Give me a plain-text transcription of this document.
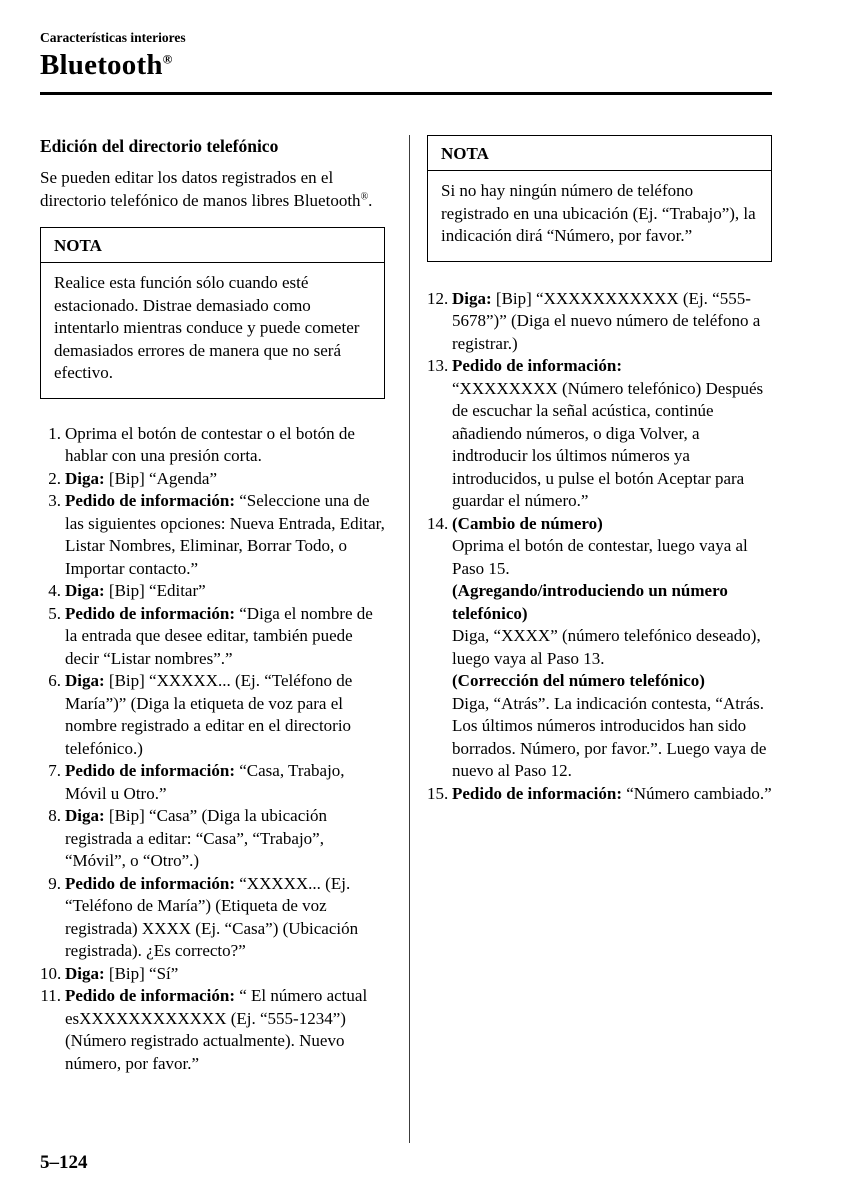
Características interiores
Bluetooth®
Edición del directorio telefónico

Se pueden editar los datos registrados en el directorio telefónico de manos libres Bluetooth®.

NOTA
Realice esta función sólo cuando esté estacionado. Distrae demasiado como intentarlo mientras conduce y puede cometer demasiados errores de manera que no será efectivo.
1. Oprima el botón de contestar o el botón de hablar con una presión corta.
2. Diga: [Bip] “Agenda”
3. Pedido de información: “Seleccione una de las siguientes opciones: Nueva Entrada, Editar, Listar Nombres, Eliminar, Borrar Todo, o Importar contacto.”
4. Diga: [Bip] “Editar”
5. Pedido de información: “Diga el nombre de la entrada que desee editar, también puede decir “Listar nombres”.”
6. Diga: [Bip] “XXXXX... (Ej. “Teléfono de María”)” (Diga la etiqueta de voz para el nombre registrado a editar en el directorio telefónico.)
7. Pedido de información: “Casa, Trabajo, Móvil u Otro.”
8. Diga: [Bip] “Casa” (Diga la ubicación registrada a editar: “Casa”, “Trabajo”, “Móvil”, o “Otro”.)
9. Pedido de información: “XXXXX... (Ej. “Teléfono de María”) (Etiqueta de voz registrada) XXXX (Ej. “Casa”) (Ubicación registrada). ¿Es correcto?”
10. Diga: [Bip] “Sí”
11. Pedido de información: “ El número actual esXXXXXXXXXXXX (Ej. “555-1234”) (Número registrado actualmente). Nuevo número, por favor.”
NOTA
Si no hay ningún número de teléfono registrado en una ubicación (Ej. “Trabajo”), la indicación dirá “Número, por favor.”
12. Diga: [Bip] “XXXXXXXXXXX (Ej. “555-5678”)” (Diga el nuevo número de teléfono a registrar.)
13. Pedido de información:
“XXXXXXXX (Número telefónico) Después de escuchar la señal acústica, continúe añadiendo números, o diga Volver, a indtroducir los últimos números ya introducidos, u pulse el botón Aceptar para guardar el número.”
14. (Cambio de número)
Oprima el botón de contestar, luego vaya al Paso 15.
(Agregando/introduciendo un número telefónico)
Diga, “XXXX” (número telefónico deseado), luego vaya al Paso 13.
(Corrección del número telefónico)
Diga, “Atrás”. La indicación contesta, “Atrás. Los últimos números introducidos han sido borrados. Número, por favor.”. Luego vaya de nuevo al Paso 12.
15. Pedido de información: “Número cambiado.”
5–124
